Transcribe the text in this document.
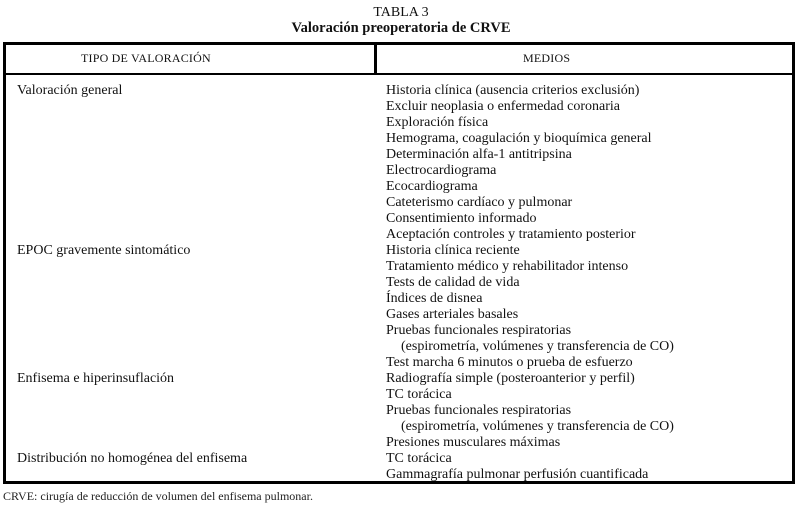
TABLA 3
Valoración preoperatoria de CRVE
TIPO DE VALORACIÓN	MEDIOS
Valoración general	Historia clínica (ausencia criterios exclusión)
Excluir neoplasia o enfermedad coronaria
Exploración física
Hemograma, coagulación y bioquímica general
Determinación alfa-1 antitripsina
Electrocardiograma
Ecocardiograma
Cateterismo cardíaco y pulmonar
Consentimiento informado
Aceptación controles y tratamiento posterior
EPOC gravemente sintomático	Historia clínica reciente
Tratamiento médico y rehabilitador intenso
Tests de calidad de vida
Índices de disnea
Gases arteriales basales
Pruebas funcionales respiratorias
(espirometría, volúmenes y transferencia de CO)
Test marcha 6 minutos o prueba de esfuerzo
Enfisema e hiperinsuflación	Radiografía simple (posteroanterior y perfil)
TC torácica
Pruebas funcionales respiratorias
(espirometría, volúmenes y transferencia de CO)
Presiones musculares máximas
Distribución no homogénea del enfisema	TC torácica
Gammagrafía pulmonar perfusión cuantificada
CRVE: cirugía de reducción de volumen del enfisema pulmonar.
